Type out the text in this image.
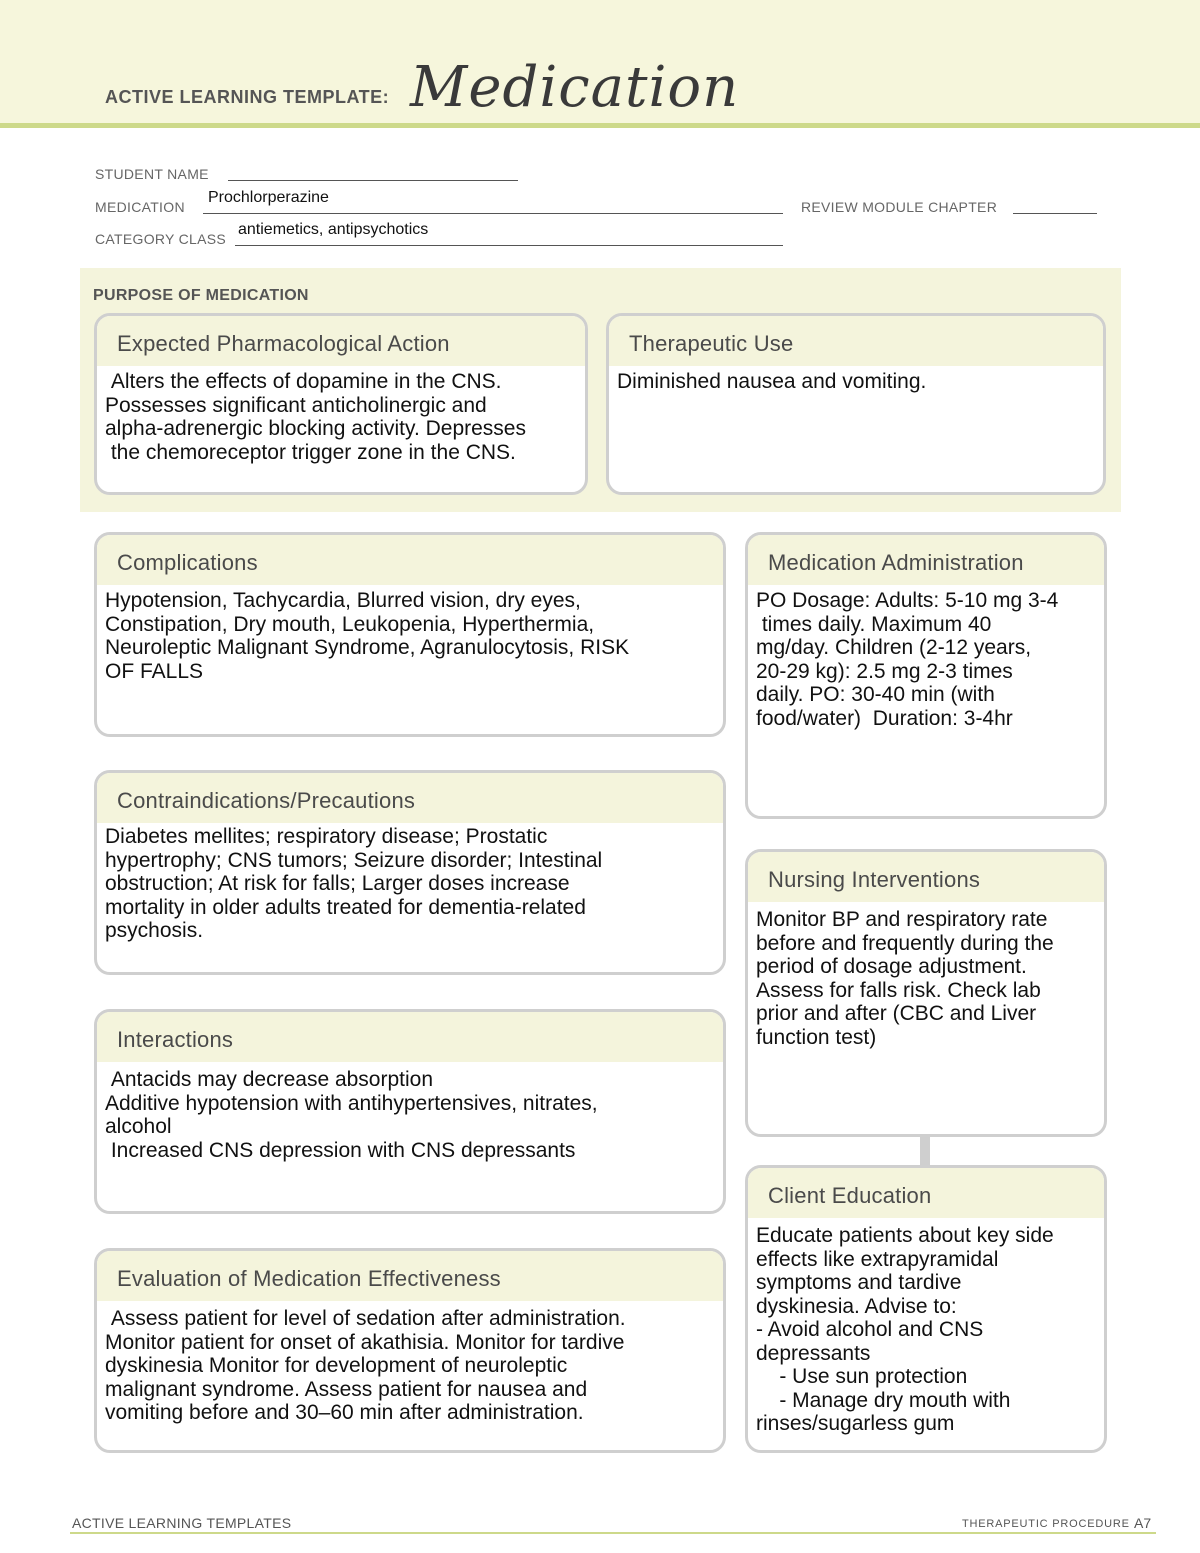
ACTIVE LEARNING TEMPLATE: Medication
STUDENT NAME
MEDICATION
Prochlorperazine
REVIEW MODULE CHAPTER
CATEGORY CLASS
antiemetics, antipsychotics
PURPOSE OF MEDICATION
Expected Pharmacological Action
Alters the effects of dopamine in the CNS.
Possesses significant anticholinergic and
alpha-adrenergic blocking activity. Depresses
the chemoreceptor trigger zone in the CNS.
Therapeutic Use
Diminished nausea and vomiting.
Complications
Hypotension, Tachycardia, Blurred vision, dry eyes,
Constipation, Dry mouth, Leukopenia, Hyperthermia,
Neuroleptic Malignant Syndrome, Agranulocytosis, RISK
OF FALLS
Contraindications/Precautions
Diabetes mellites; respiratory disease; Prostatic
hypertrophy; CNS tumors; Seizure disorder; Intestinal
obstruction; At risk for falls; Larger doses increase
mortality in older adults treated for dementia-related
psychosis.
Interactions
Antacids may decrease absorption
Additive hypotension with antihypertensives, nitrates,
alcohol
Increased CNS depression with CNS depressants
Evaluation of Medication Effectiveness
Assess patient for level of sedation after administration.
Monitor patient for onset of akathisia. Monitor for tardive
dyskinesia Monitor for development of neuroleptic
malignant syndrome. Assess patient for nausea and
vomiting before and 30–60 min after administration.
Medication Administration
PO Dosage: Adults: 5-10 mg 3-4
times daily. Maximum 40
mg/day. Children (2-12 years,
20-29 kg): 2.5 mg 2-3 times
daily. PO: 30-40 min (with
food/water)  Duration: 3-4hr
Nursing Interventions
Monitor BP and respiratory rate
before and frequently during the
period of dosage adjustment.
Assess for falls risk. Check lab
prior and after (CBC and Liver
function test)
Client Education
Educate patients about key side
effects like extrapyramidal
symptoms and tardive
dyskinesia. Advise to:
- Avoid alcohol and CNS
depressants
- Use sun protection
- Manage dry mouth with
rinses/sugarless gum
ACTIVE LEARNING TEMPLATES	THERAPEUTIC PROCEDURE A7
